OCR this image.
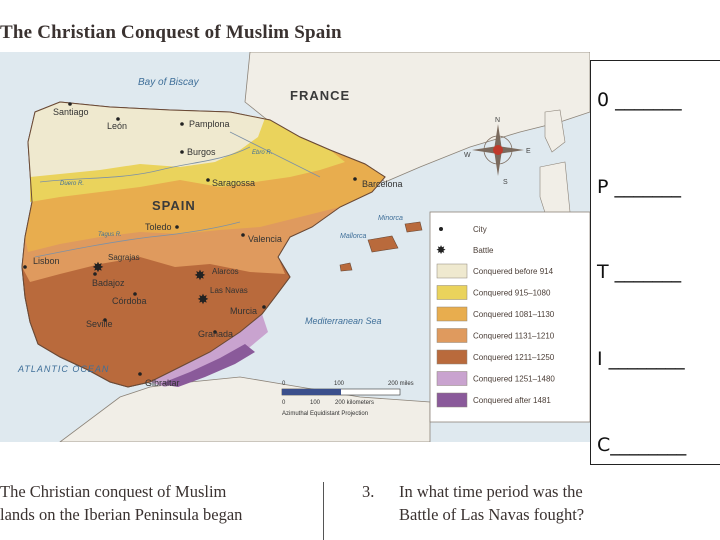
The Christian Conquest of Muslim Spain
Bay of Biscay
FRANCE
SPAIN
ATLANTIC OCEAN
Mediterranean Sea
Minorca
Mallorca
Duero R.
Tagus R.
Ebro R.
Santiago
León	Pamplona
Burgos
Saragossa	Barcelona
Toledo
Valencia
Lisbon
Badajoz
Córdoba
Seville
Murcia
Granada
Gibraltar
✸
Sagrajas
✸ Alarcos
✸
Las Navas
N
S
E
W
0	100	200 miles
0	100 200 kilometers
Azimuthal Equidistant Projection
City
✸	Battle
Conquered before 914
Conquered 915–1080
Conquered 1081–1130
Conquered 1131–1210
Conquered 1211–1250
Conquered 1251–1480
Conquered after 1481
0 _______
P _______
T _______
I ________
C________
The Christian conquest of Muslim
lands on the Iberian Peninsula began
3.	In what time period was the
Battle of Las Navas fought?
